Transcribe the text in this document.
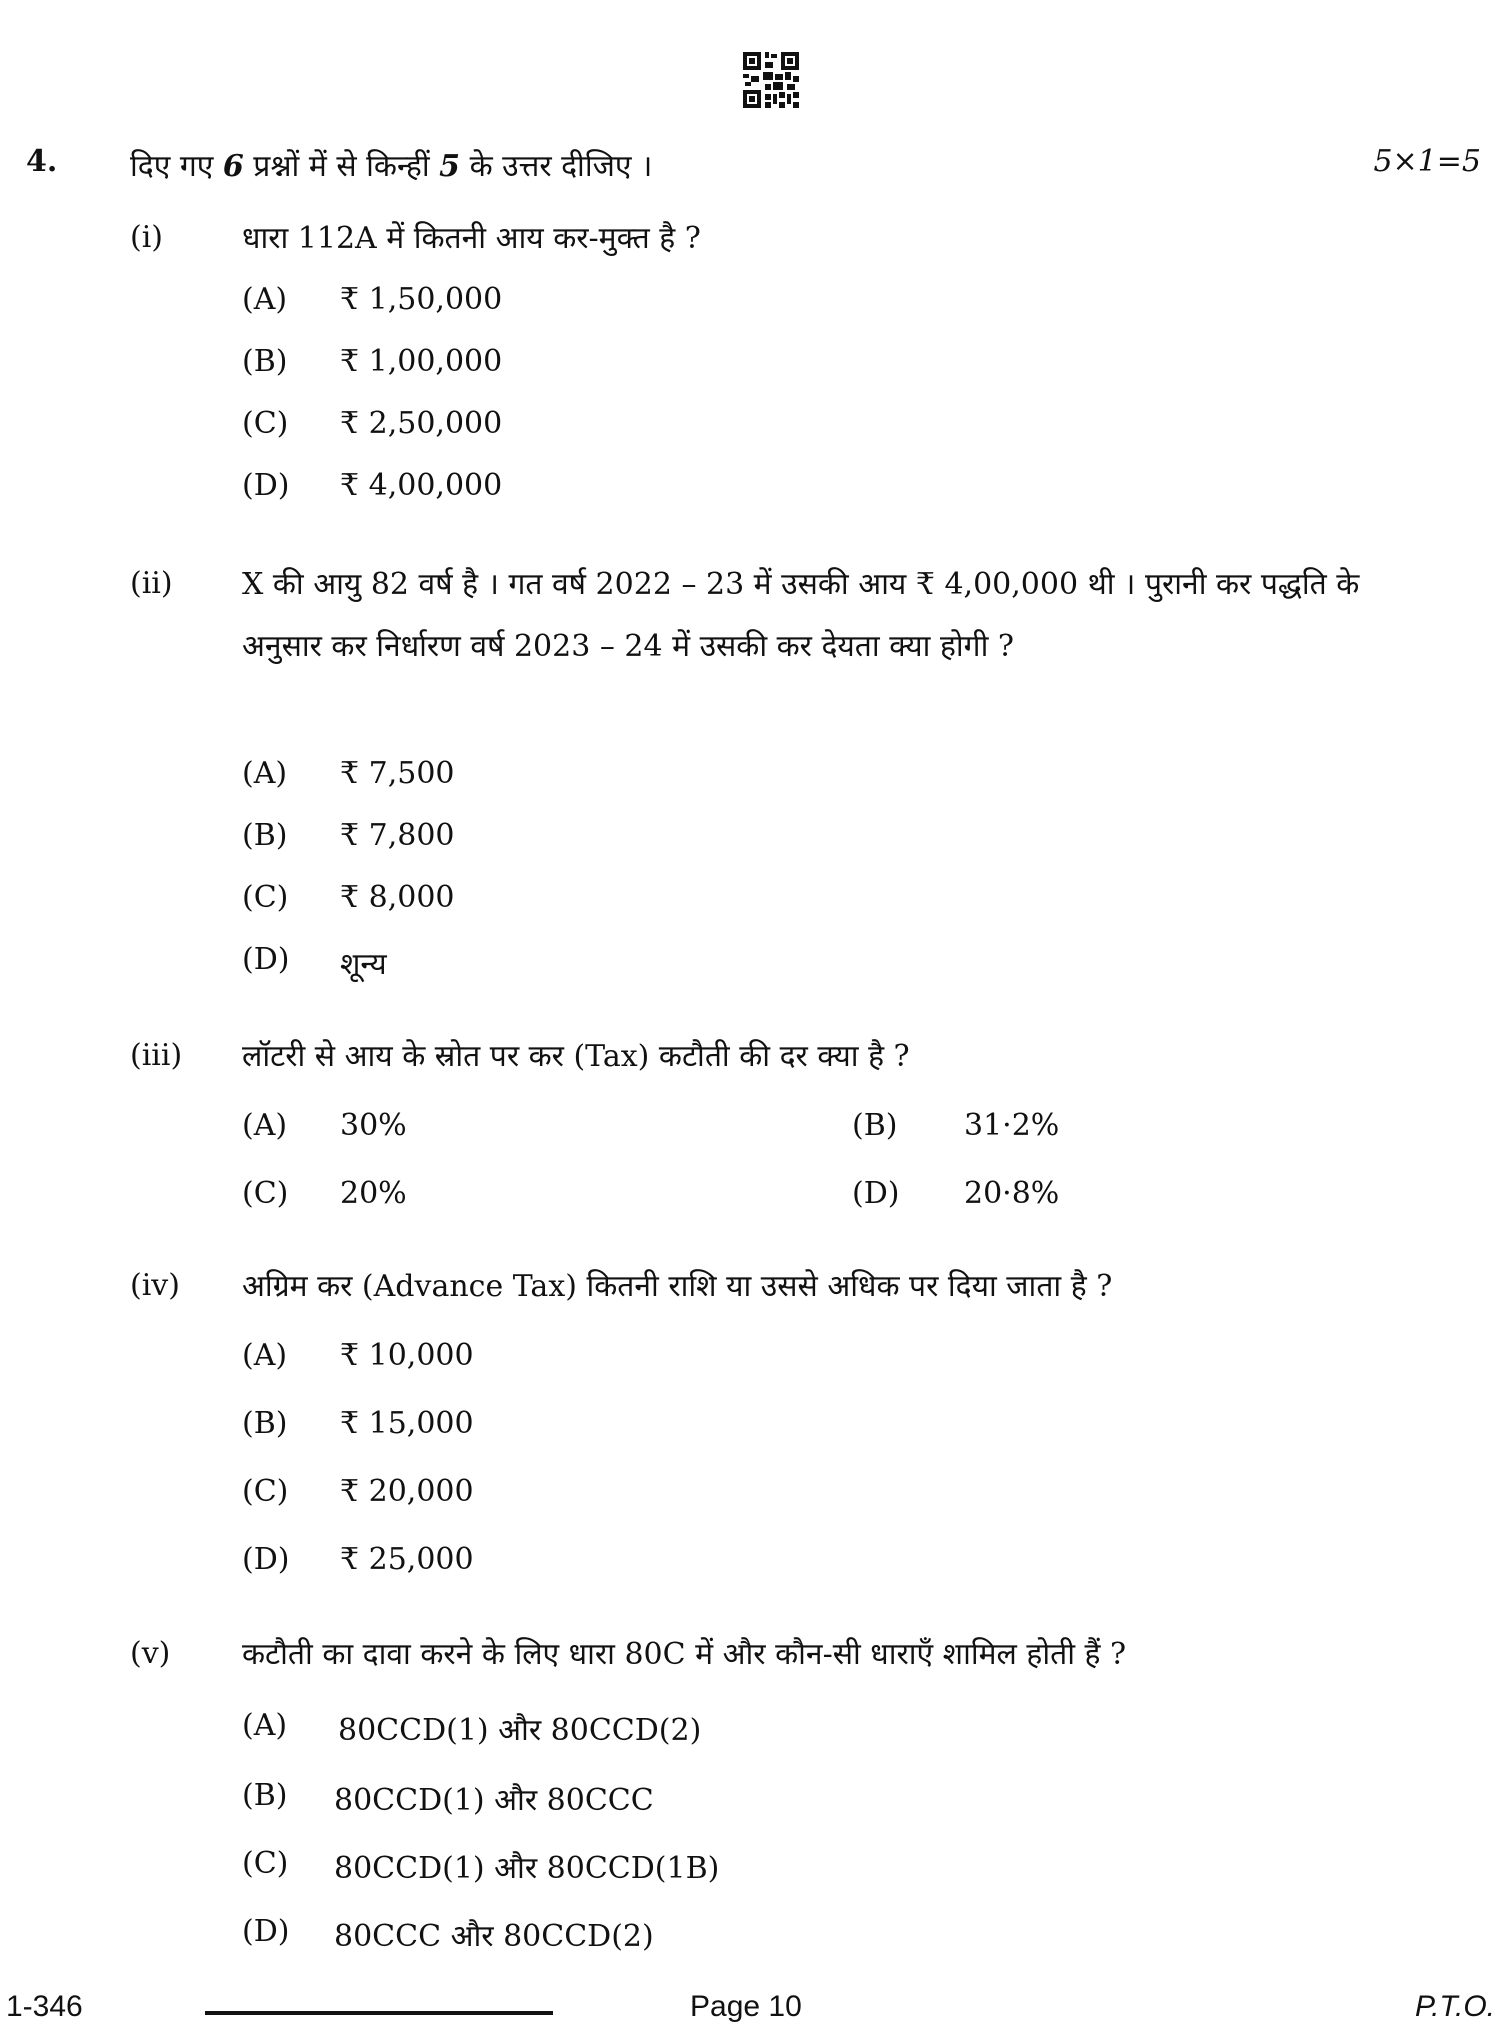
4. दिए गए 6 प्रश्नों में से किन्हीं 5 के उत्तर दीजिए ।	5×1=5
(i)	धारा 112A में कितनी आय कर-मुक्त है ?
(A) ₹ 1,50,000
(B) ₹ 1,00,000
(C) ₹ 2,50,000
(D) ₹ 4,00,000
(ii) X की आयु 82 वर्ष है । गत वर्ष 2022 – 23 में उसकी आय ₹ 4,00,000 थी । पुरानी कर पद्धति के अनुसार कर निर्धारण वर्ष 2023 – 24 में उसकी कर देयता क्या होगी ?
(A) ₹ 7,500
(B) ₹ 7,800
(C) ₹ 8,000
(D) शून्य
(iii) लॉटरी से आय के स्रोत पर कर (Tax) कटौती की दर क्या है ?
(A) 30%	(B) 31·2%
(C) 20%	(D) 20·8%
(iv) अग्रिम कर (Advance Tax) कितनी राशि या उससे अधिक पर दिया जाता है ?
(A) ₹ 10,000
(B) ₹ 15,000
(C) ₹ 20,000
(D) ₹ 25,000
(v) कटौती का दावा करने के लिए धारा 80C में और कौन-सी धाराएँ शामिल होती हैं ?
(A) 80CCD(1) और 80CCD(2)
(B) 80CCD(1) और 80CCC
(C) 80CCD(1) और 80CCD(1B)
(D) 80CCC और 80CCD(2)
1-346	Page 10	P.T.O.
